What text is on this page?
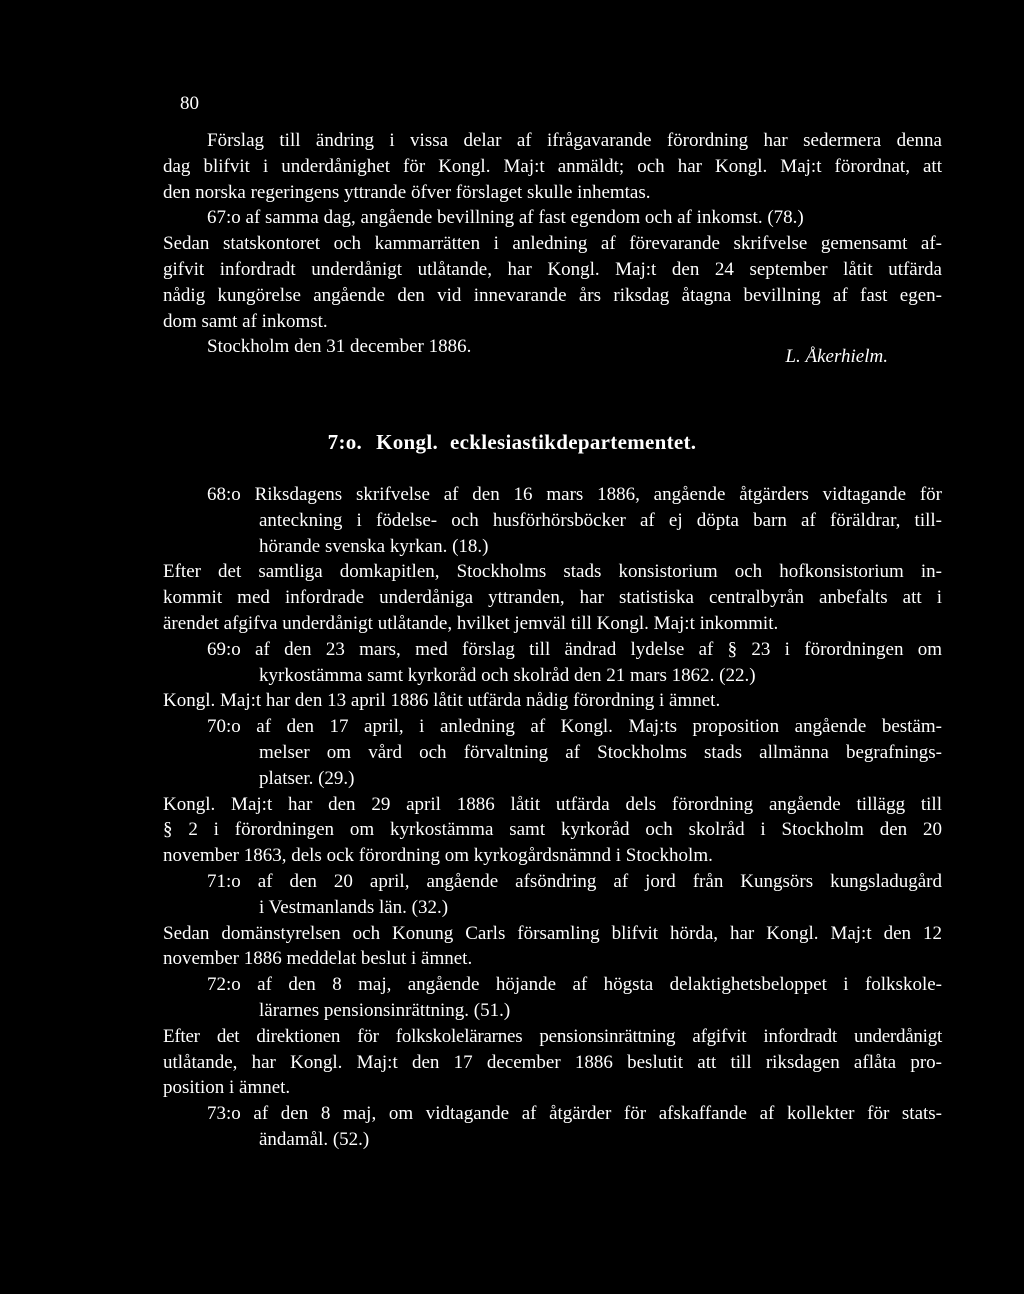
80
Förslag till ändring i vissa delar af ifrågavarande förordning har sedermera denna
dag blifvit i underdånighet för Kongl. Maj:t anmäldt; och har Kongl. Maj:t förordnat, att
den norska regeringens yttrande öfver förslaget skulle inhemtas.
67:o af samma dag, angående bevillning af fast egendom och af inkomst. (78.)
Sedan statskontoret och kammarrätten i anledning af förevarande skrifvelse gemensamt af-
gifvit infordradt underdånigt utlåtande, har Kongl. Maj:t den 24 september låtit utfärda
nådig kungörelse angående den vid innevarande års riksdag åtagna bevillning af fast egen-
dom samt af inkomst.
Stockholm den 31 december 1886.	L. Åkerhielm.
7:o. Kongl. ecklesiastikdepartementet.
68:o Riksdagens skrifvelse af den 16 mars 1886, angående åtgärders vidtagande för
anteckning i födelse- och husförhörsböcker af ej döpta barn af föräldrar, till-
hörande svenska kyrkan. (18.)
Efter det samtliga domkapitlen, Stockholms stads konsistorium och hofkonsistorium in-
kommit med infordrade underdåniga yttranden, har statistiska centralbyrån anbefalts att i
ärendet afgifva underdånigt utlåtande, hvilket jemväl till Kongl. Maj:t inkommit.
69:o af den 23 mars, med förslag till ändrad lydelse af § 23 i förordningen om
kyrkostämma samt kyrkoråd och skolråd den 21 mars 1862. (22.)
Kongl. Maj:t har den 13 april 1886 låtit utfärda nådig förordning i ämnet.
70:o af den 17 april, i anledning af Kongl. Maj:ts proposition angående bestäm-
melser om vård och förvaltning af Stockholms stads allmänna begrafnings-
platser. (29.)
Kongl. Maj:t har den 29 april 1886 låtit utfärda dels förordning angående tillägg till
§ 2 i förordningen om kyrkostämma samt kyrkoråd och skolråd i Stockholm den 20
november 1863, dels ock förordning om kyrkogårdsnämnd i Stockholm.
71:o af den 20 april, angående afsöndring af jord från Kungsörs kungsladugård
i Vestmanlands län. (32.)
Sedan domänstyrelsen och Konung Carls församling blifvit hörda, har Kongl. Maj:t den 12
november 1886 meddelat beslut i ämnet.
72:o af den 8 maj, angående höjande af högsta delaktighetsbeloppet i folkskole-
lärarnes pensionsinrättning. (51.)
Efter det direktionen för folkskolelärarnes pensionsinrättning afgifvit infordradt underdånigt
utlåtande, har Kongl. Maj:t den 17 december 1886 beslutit att till riksdagen aflåta pro-
position i ämnet.
73:o af den 8 maj, om vidtagande af åtgärder för afskaffande af kollekter för stats-
ändamål. (52.)
